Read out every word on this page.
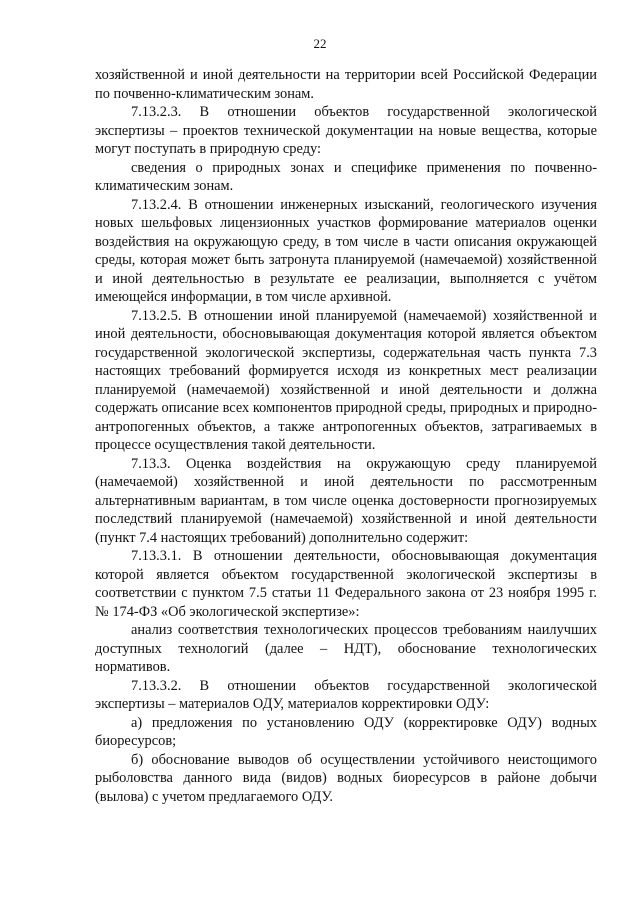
22

хозяйственной и иной деятельности на территории всей Российской Федерации по почвенно-климатическим зонам.

7.13.2.3. В отношении объектов государственной экологической экспертизы – проектов технической документации на новые вещества, которые могут поступать в природную среду:

сведения о природных зонах и специфике применения по почвенно-климатическим зонам.

7.13.2.4. В отношении инженерных изысканий, геологического изучения новых шельфовых лицензионных участков формирование материалов оценки воздействия на окружающую среду, в том числе в части описания окружающей среды, которая может быть затронута планируемой (намечаемой) хозяйственной и иной деятельностью в результате ее реализации, выполняется с учётом имеющейся информации, в том числе архивной.

7.13.2.5. В отношении иной планируемой (намечаемой) хозяйственной и иной деятельности, обосновывающая документация которой является объектом государственной экологической экспертизы, содержательная часть пункта 7.3 настоящих требований формируется исходя из конкретных мест реализации планируемой (намечаемой) хозяйственной и иной деятельности и должна содержать описание всех компонентов природной среды, природных и природно-антропогенных объектов, а также антропогенных объектов, затрагиваемых в процессе осуществления такой деятельности.

7.13.3. Оценка воздействия на окружающую среду планируемой (намечаемой) хозяйственной и иной деятельности по рассмотренным альтернативным вариантам, в том числе оценка достоверности прогнозируемых последствий планируемой (намечаемой) хозяйственной и иной деятельности (пункт 7.4 настоящих требований) дополнительно содержит:

7.13.3.1. В отношении деятельности, обосновывающая документация которой является объектом государственной экологической экспертизы в соответствии с пунктом 7.5 статьи 11 Федерального закона от 23 ноября 1995 г. № 174-ФЗ «Об экологической экспертизе»:

анализ соответствия технологических процессов требованиям наилучших доступных технологий (далее – НДТ), обоснование технологических нормативов.

7.13.3.2. В отношении объектов государственной экологической экспертизы – материалов ОДУ, материалов корректировки ОДУ:

а) предложения по установлению ОДУ (корректировке ОДУ) водных биоресурсов;

б) обоснование выводов об осуществлении устойчивого неистощимого рыболовства данного вида (видов) водных биоресурсов в районе добычи (вылова) с учетом предлагаемого ОДУ.
